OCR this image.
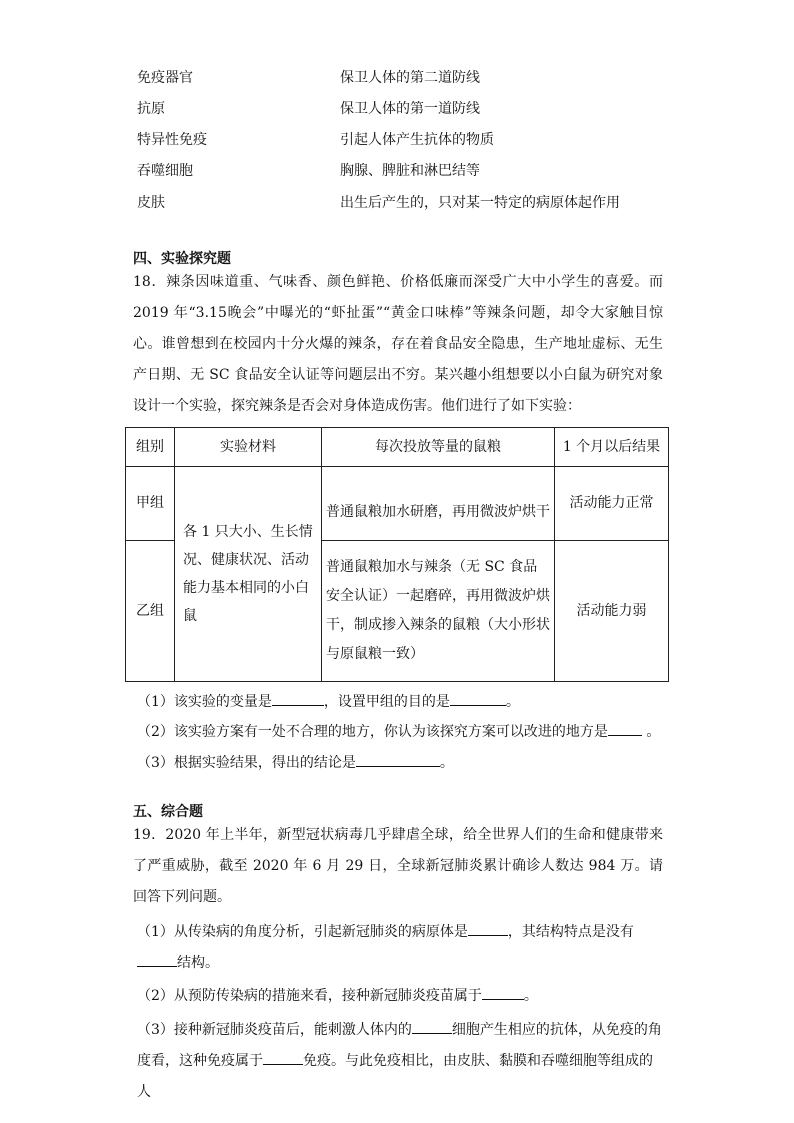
免疫器官	保卫人体的第二道防线
抗原	保卫人体的第一道防线
特异性免疫	引起人体产生抗体的物质
吞噬细胞	胸腺、脾脏和淋巴结等
皮肤	出生后产生的，只对某一特定的病原体起作用
四、实验探究题
18．辣条因味道重、气味香、颜色鲜艳、价格低廉而深受广大中小学生的喜爱。而 2019 年“3.15晚会”中曝光的“虾扯蛋”“黄金口味棒”等辣条问题，却令大家触目惊心。谁曾想到在校园内十分火爆的辣条，存在着食品安全隐患，生产地址虚标、无生产日期、无 SC 食品安全认证等问题层出不穷。某兴趣小组想要以小白鼠为研究对象设计一个实验，探究辣条是否会对身体造成伤害。他们进行了如下实验：
组别	实验材料	每次投放等量的鼠粮	1 个月以后结果
甲组	各 1 只大小、生长情况、健康状况、活动能力基本相同的小白鼠	普通鼠粮加水研磨，再用微波炉烘干	活动能力正常
乙组		普通鼠粮加水与辣条（无 SC 食品安全认证）一起磨碎，再用微波炉烘干，制成掺入辣条的鼠粮（大小形状与原鼠粮一致）	活动能力弱
（1）该实验的变量是	，设置甲组的目的是	。
（2）该实验方案有一处不合理的地方，你认为该探究方案可以改进的地方是 。
（3）根据实验结果，得出的结论是	。
五、综合题
19．2020 年上半年，新型冠状病毒几乎肆虐全球，给全世界人们的生命和健康带来了严重威胁，截至 2020 年 6 月 29 日，全球新冠肺炎累计确诊人数达 984 万。请回答下列问题。
（1）从传染病的角度分析，引起新冠肺炎的病原体是	，其结构特点是没有结构。
（2）从预防传染病的措施来看，接种新冠肺炎疫苗属于	。
（3）接种新冠肺炎疫苗后，能刺激人体内的	细胞产生相应的抗体，从免疫的角度看，这种免疫属于	免疫。与此免疫相比，由皮肤、黏膜和吞噬细胞等组成的人
